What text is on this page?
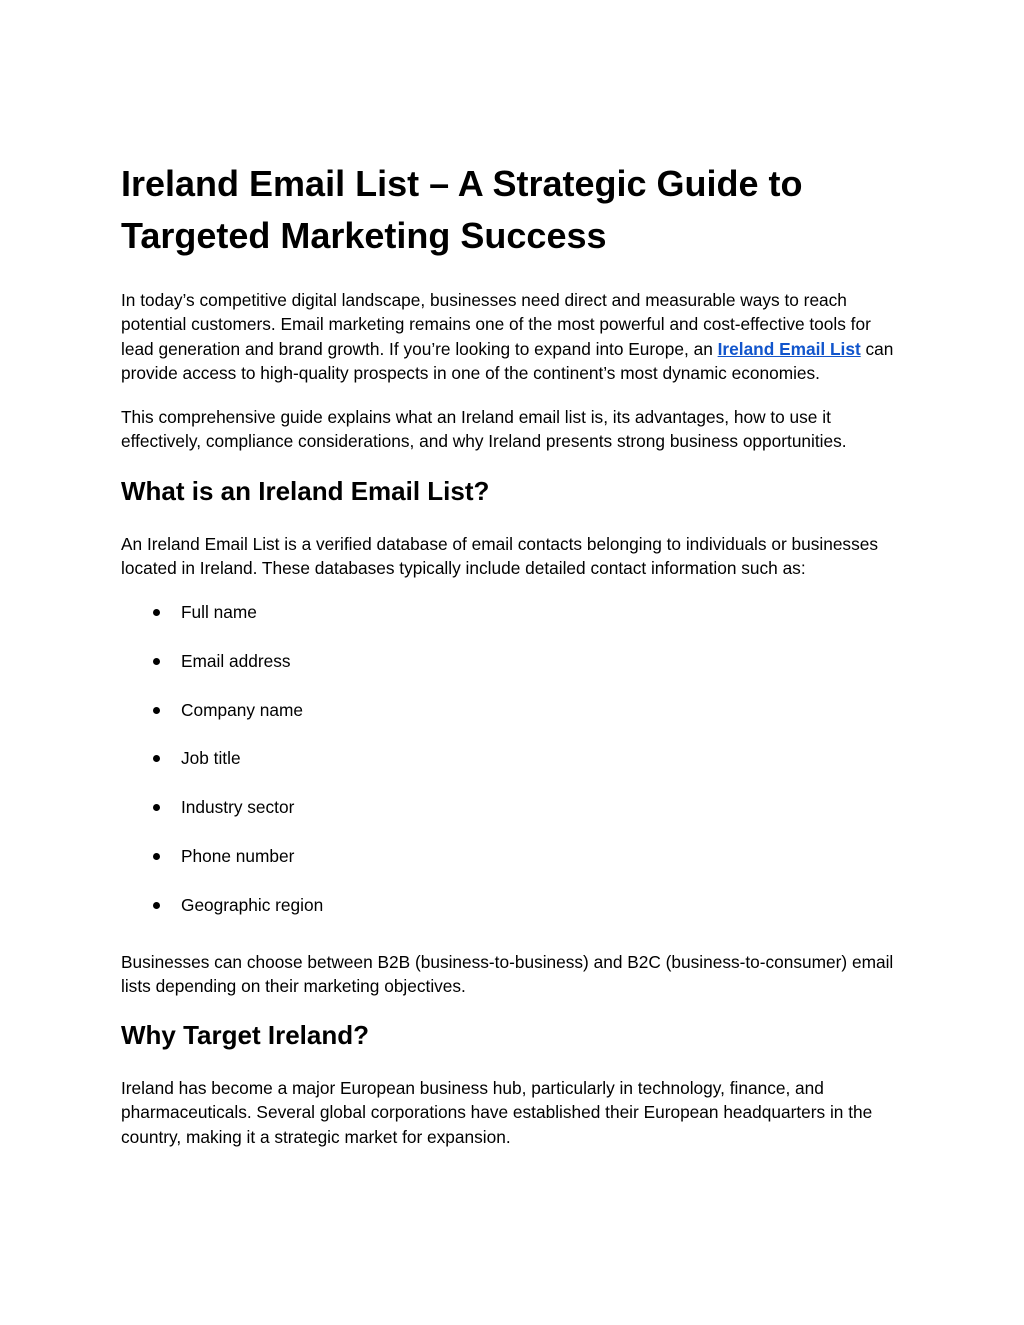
Ireland Email List – A Strategic Guide to Targeted Marketing Success

In today’s competitive digital landscape, businesses need direct and measurable ways to reach potential customers. Email marketing remains one of the most powerful and cost-effective tools for lead generation and brand growth. If you’re looking to expand into Europe, an Ireland Email List can provide access to high-quality prospects in one of the continent’s most dynamic economies.

This comprehensive guide explains what an Ireland email list is, its advantages, how to use it effectively, compliance considerations, and why Ireland presents strong business opportunities.

What is an Ireland Email List?

An Ireland Email List is a verified database of email contacts belonging to individuals or businesses located in Ireland. These databases typically include detailed contact information such as:

Full name
Email address
Company name
Job title
Industry sector
Phone number
Geographic region

Businesses can choose between B2B (business-to-business) and B2C (business-to-consumer) email lists depending on their marketing objectives.

Why Target Ireland?

Ireland has become a major European business hub, particularly in technology, finance, and pharmaceuticals. Several global corporations have established their European headquarters in the country, making it a strategic market for expansion.
